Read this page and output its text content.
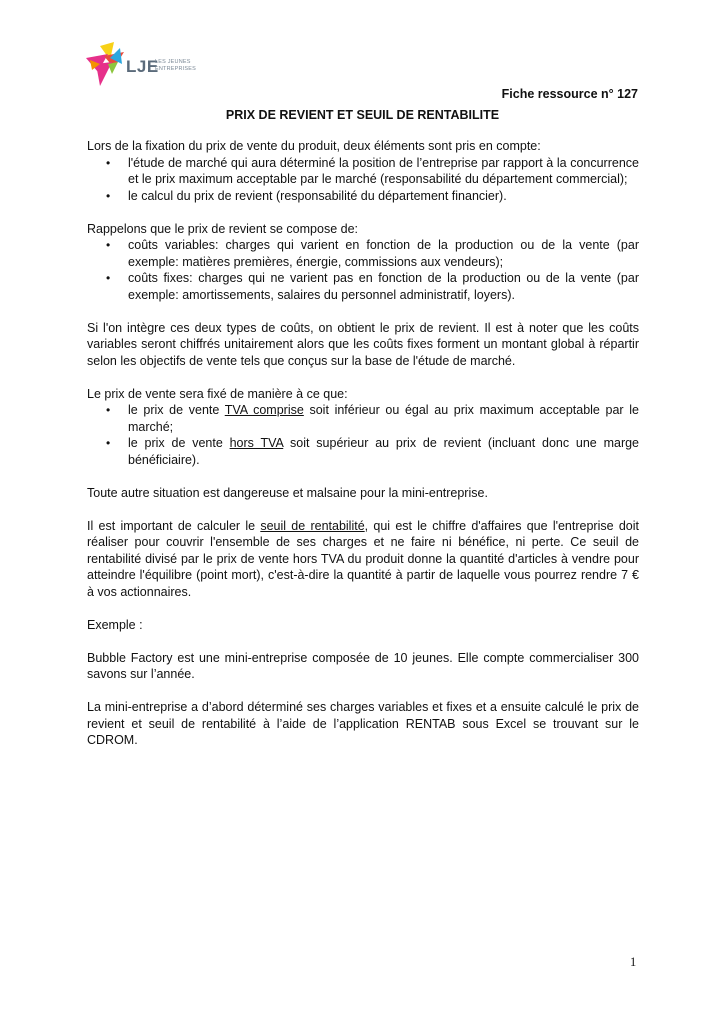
LJE
LES JEUNES
ENTREPRISES
Fiche ressource n° 127
PRIX DE REVIENT ET SEUIL DE RENTABILITE

Lors de la fixation du prix de vente du produit, deux éléments sont pris en compte:

• l'étude de marché qui aura déterminé la position de l’entreprise par rapport à la concurrence et le prix maximum acceptable par le marché (responsabilité du département commercial);
• le calcul du prix de revient (responsabilité du département financier).

Rappelons que le prix de revient se compose de:

• coûts variables: charges qui varient en fonction de la production ou de la vente (par exemple: matières premières, énergie, commissions aux vendeurs);
• coûts fixes: charges qui ne varient pas en fonction de la production ou de la vente (par exemple: amortissements, salaires du personnel administratif, loyers).

Si l'on intègre ces deux types de coûts, on obtient le prix de revient. Il est à noter que les coûts variables seront chiffrés unitairement alors que les coûts fixes forment un montant global à répartir selon les objectifs de vente tels que conçus sur la base de l'étude de marché.

Le prix de vente sera fixé de manière à ce que:

• le prix de vente TVA comprise soit inférieur ou égal au prix maximum acceptable par le marché;
• le prix de vente hors TVA soit supérieur au prix de revient (incluant donc une marge bénéficiaire).

Toute autre situation est dangereuse et malsaine pour la mini-entreprise.

Il est important de calculer le seuil de rentabilité, qui est le chiffre d'affaires que l'entreprise doit réaliser pour couvrir l'ensemble de ses charges et ne faire ni bénéfice, ni perte. Ce seuil de rentabilité divisé par le prix de vente hors TVA du produit donne la quantité d'articles à vendre pour atteindre l'équilibre (point mort), c'est-à-dire la quantité à partir de laquelle vous pourrez rendre 7 € à vos actionnaires.

Exemple :

Bubble Factory est une mini-entreprise composée de 10 jeunes. Elle compte commercialiser 300 savons sur l’année.

La mini-entreprise a d’abord déterminé ses charges variables et fixes et a ensuite calculé le prix de revient et seuil de rentabilité à l’aide de l’application RENTAB sous Excel se trouvant sur le CDROM.

1
